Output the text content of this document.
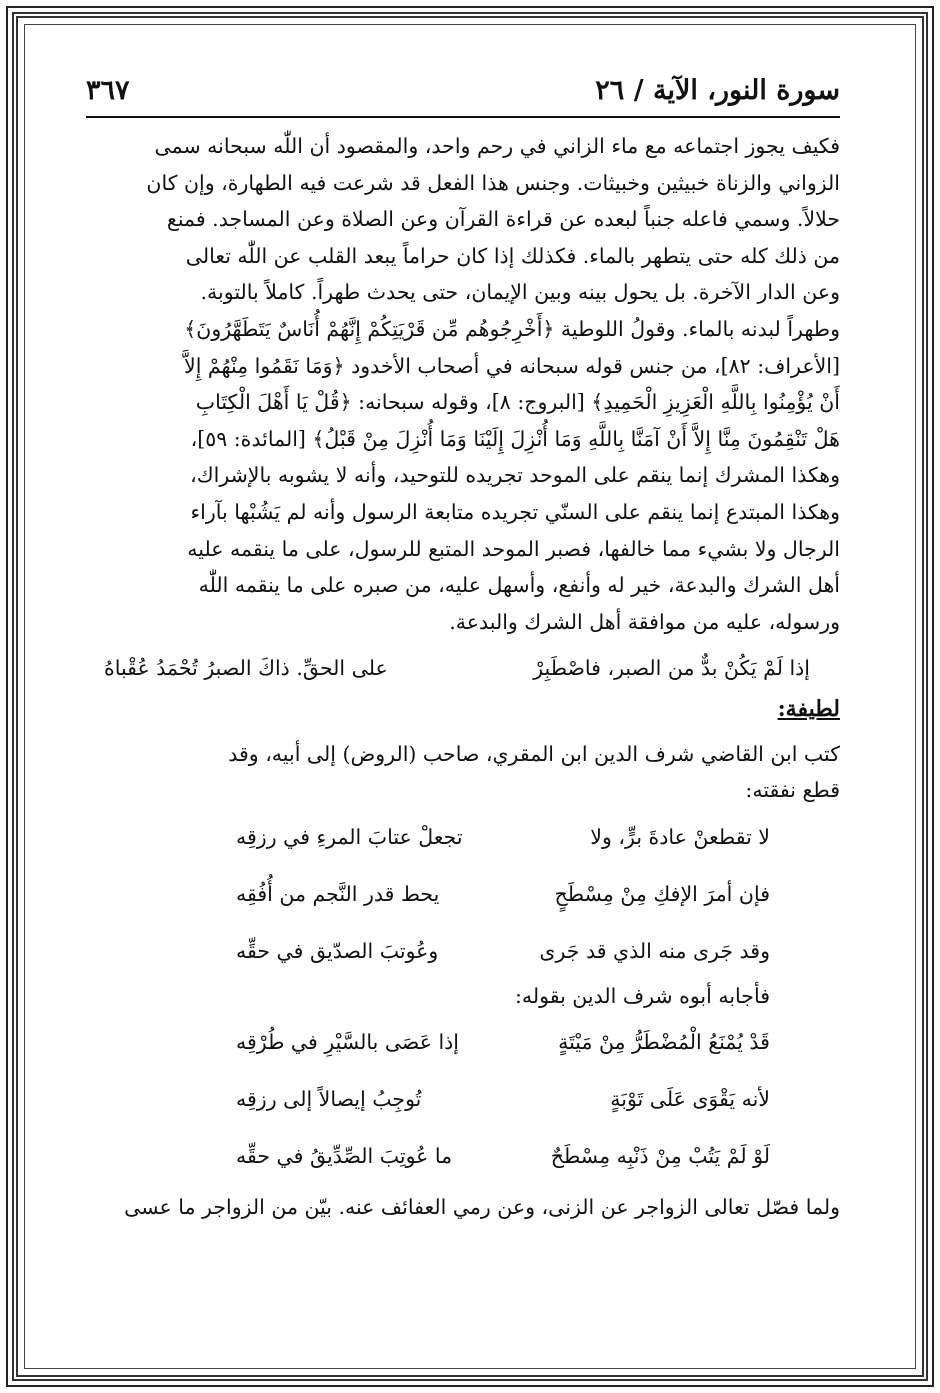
سورة النور، الآية / ٢٦
٣٦٧

فكيف يجوز اجتماعه مع ماء الزاني في رحم واحد، والمقصود أن اللّٰه سبحانه سمى

الزواني والزناة خبيثين وخبيثات. وجنس هذا الفعل قد شرعت فيه الطهارة، وإن كان

حلالاً. وسمي فاعله جنباً لبعده عن قراءة القرآن وعن الصلاة وعن المساجد. فمنع

من ذلك كله حتى يتطهر بالماء. فكذلك إذا كان حراماً يبعد القلب عن اللّٰه تعالى

وعن الدار الآخرة. بل يحول بينه وبين الإيمان، حتى يحدث طهراً. كاملاً بالتوبة.

وطهراً لبدنه بالماء. وقولُ اللوطية ﴿أَخْرِجُوهُم مِّن قَرْيَتِكُمْ إِنَّهُمْ أُنَاسٌ يَتَطَهَّرُونَ﴾

[الأعراف: ٨٢]، من جنس قوله سبحانه في أصحاب الأخدود ﴿وَمَا نَقَمُوا مِنْهُمْ إِلاَّ

أَنْ يُؤْمِنُوا بِاللَّهِ الْعَزِيزِ الْحَمِيدِ﴾ [البروج: ٨]، وقوله سبحانه: ﴿قُلْ يَا أَهْلَ الْكِتَابِ

هَلْ تَنْقِمُونَ مِنَّا إِلاَّ أَنْ آمَنَّا بِاللَّهِ وَمَا أُنْزِلَ إِلَيْنَا وَمَا أُنْزِلَ مِنْ قَبْلُ﴾ [المائدة: ٥٩]،

وهكذا المشرك إنما ينقم على الموحد تجريده للتوحيد، وأنه لا يشوبه بالإشراك،

وهكذا المبتدع إنما ينقم على السنّي تجريده متابعة الرسول وأنه لم يَشُبْها بآراء

الرجال ولا بشيء مما خالفها، فصبر الموحد المتبع للرسول، على ما ينقمه عليه

أهل الشرك والبدعة، خير له وأنفع، وأسهل عليه، من صبره على ما ينقمه اللّٰه

ورسوله، عليه من موافقة أهل الشرك والبدعة.

إذا لَمْ يَكُنْ بدٌّ من الصبر، فاصْطَبِرْ
على الحقِّ. ذاكَ الصبرُ تُحْمَدُ عُقْباهُ
لطيفة:

كتب ابن القاضي شرف الدين ابن المقري، صاحب (الروض) إلى أبيه، وقد

قطع نفقته:

لا تقطعنْ عادةَ برٍّ، ولا
تجعلْ عتابَ المرءِ في رزقِه
فإن أمرَ الإفكِ مِنْ مِسْطَحٍ
يحط قدر النَّجم من أُفُقِه
وقد جَرى منه الذي قد جَرى
وعُوتبَ الصدّيق في حقِّه
فأجابه أبوه شرف الدين بقوله:
قَدْ يُمْنَعُ الْمُضْطَرُّ مِنْ مَيْتَةٍ
إذا عَصَى بالسَّيْرِ في طُرْقِه
لأنه يَقْوَى عَلَى تَوْبَةٍ
تُوجِبُ إيصالاً إلى رزقِه
لَوْ لَمْ يَتُبْ مِنْ ذَنْبِه مِسْطَحٌ
ما عُوتِبَ الصِّدِّيقُ في حقِّه
ولما فصّل تعالى الزواجر عن الزنى، وعن رمي العفائف عنه. بيّن من الزواجر ما عسى
